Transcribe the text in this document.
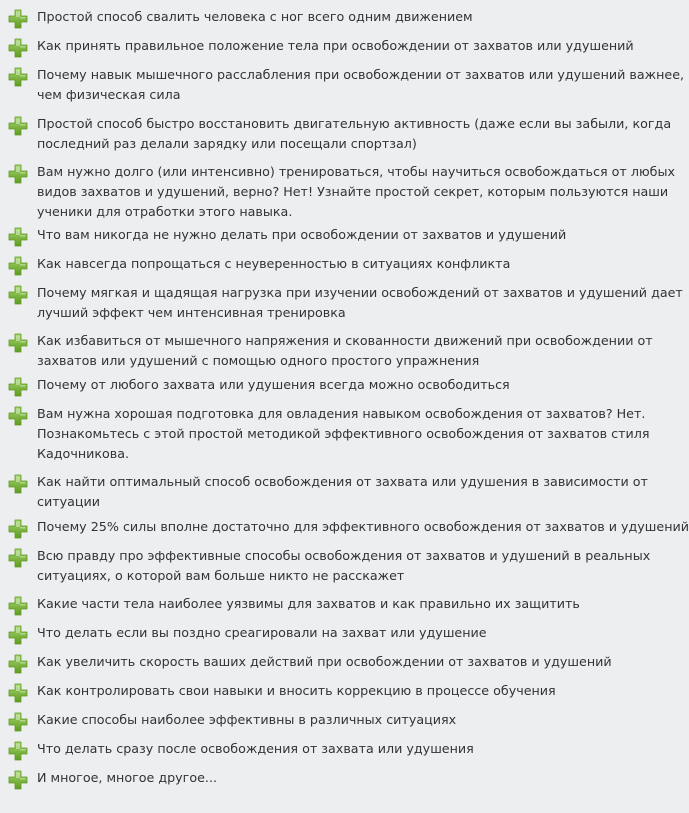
Простой способ свалить человека с ног всего одним движением
Как принять правильное положение тела при освобождении от захватов или удушений
Почему навык мышечного расслабления при освобождении от захватов или удушений важнее,
чем физическая сила
Простой способ быстро восстановить двигательную активность (даже если вы забыли, когда
последний раз делали зарядку или посещали спортзал)
Вам нужно долго (или интенсивно) тренироваться, чтобы научиться освобождаться от любых
видов захватов и удушений, верно? Нет! Узнайте простой секрет, которым пользуются наши
ученики для отработки этого навыка.
Что вам никогда не нужно делать при освобождении от захватов и удушений
Как навсегда попрощаться с неуверенностью в ситуациях конфликта
Почему мягкая и щадящая нагрузка при изучении освобождений от захватов и удушений дает
лучший эффект чем интенсивная тренировка
Как избавиться от мышечного напряжения и скованности движений при освобождении от
захватов или удушений с помощью одного простого упражнения
Почему от любого захвата или удушения всегда можно освободиться
Вам нужна хорошая подготовка для овладения навыком освобождения от захватов? Нет.
Познакомьтесь с этой простой методикой эффективного освобождения от захватов стиля
Кадочникова.
Как найти оптимальный способ освобождения от захвата или удушения в зависимости от
ситуации
Почему 25% силы вполне достаточно для эффективного освобождения от захватов и удушений
Всю правду про эффективные способы освобождения от захватов и удушений в реальных
ситуациях, о которой вам больше никто не расскажет
Какие части тела наиболее уязвимы для захватов и как правильно их защитить
Что делать если вы поздно среагировали на захват или удушение
Как увеличить скорость ваших действий при освобождении от захватов и удушений
Как контролировать свои навыки и вносить коррекцию в процессе обучения
Какие способы наиболее эффективны в различных ситуациях
Что делать сразу после освобождения от захвата или удушения
И многое, многое другое...
